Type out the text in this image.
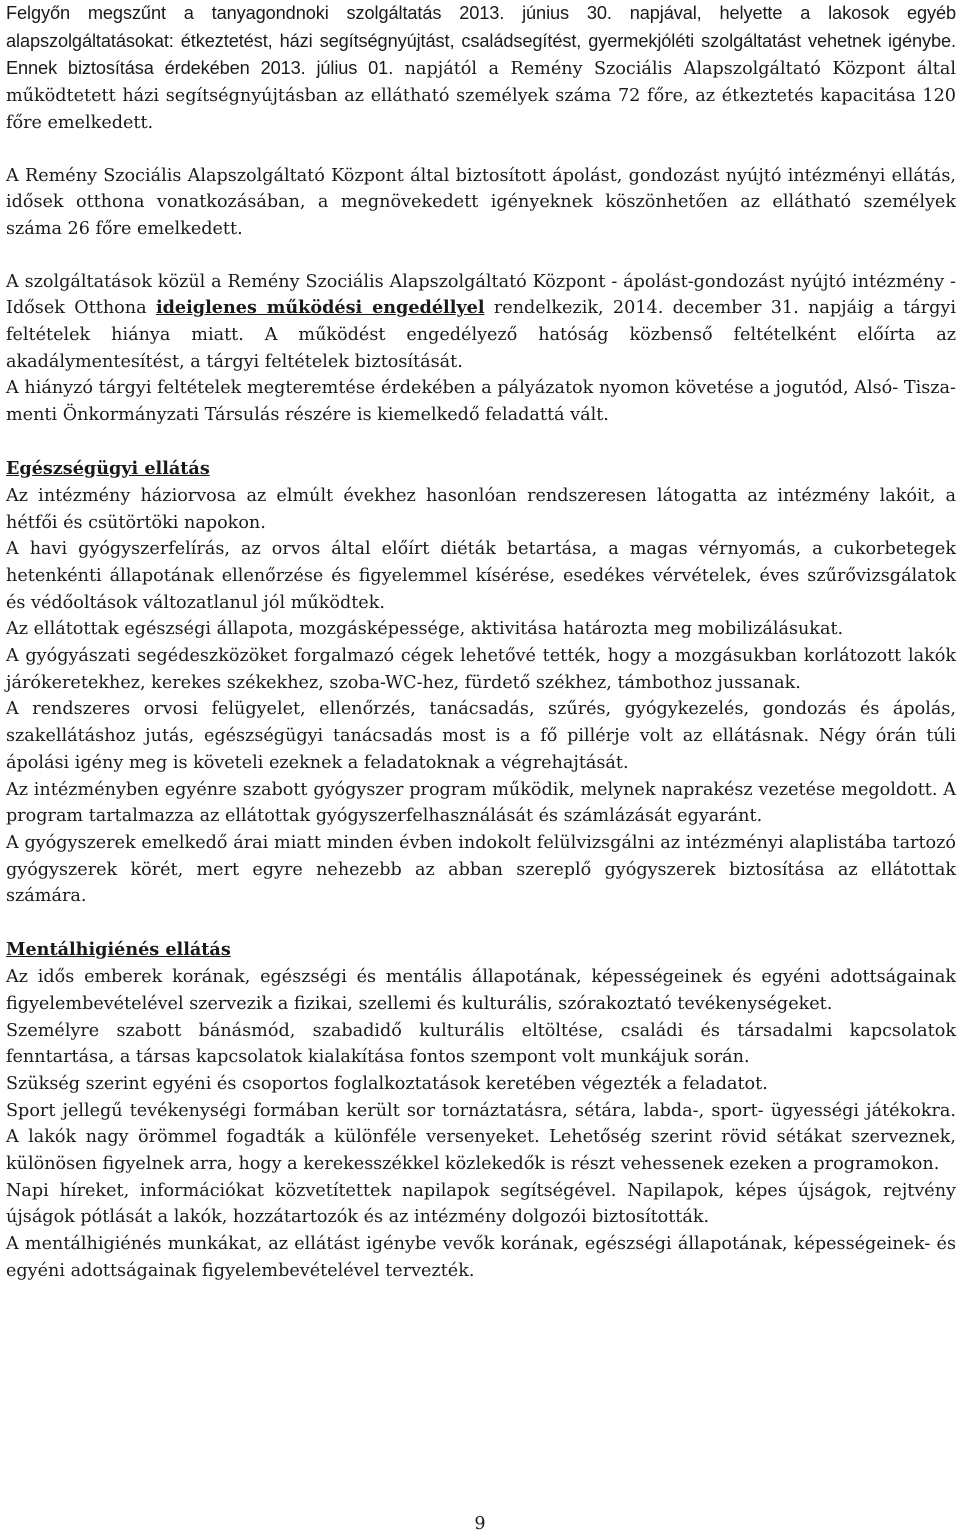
Felgyőn megszűnt a tanyagondnoki szolgáltatás 2013. június 30. napjával, helyette a lakosok egyéb alapszolgáltatásokat: étkeztetést, házi segítségnyújtást, családsegítést, gyermekjóléti szolgáltatást vehetnek igénybe. Ennek biztosítása érdekében 2013. július 01. napjától a Remény Szociális Alapszolgáltató Központ által működtetett házi segítségnyújtásban az ellátható személyek száma 72 főre, az étkeztetés kapacitása 120 főre emelkedett.

A Remény Szociális Alapszolgáltató Központ által biztosított ápolást, gondozást nyújtó intézményi ellátás, idősek otthona vonatkozásában, a megnövekedett igényeknek köszönhetően az ellátható személyek száma 26 főre emelkedett.

A szolgáltatások közül a Remény Szociális Alapszolgáltató Központ - ápolást-gondozást nyújtó intézmény - Idősek Otthona ideiglenes működési engedéllyel rendelkezik, 2014. december 31. napjáig a tárgyi feltételek hiánya miatt. A működést engedélyező hatóság közbenső feltételként előírta az akadálymentesítést, a tárgyi feltételek biztosítását.

A hiányzó tárgyi feltételek megteremtése érdekében a pályázatok nyomon követése a jogutód, Alsó- Tisza-menti Önkormányzati Társulás részére is kiemelkedő feladattá vált.

Egészségügyi ellátás

Az intézmény háziorvosa az elmúlt évekhez hasonlóan rendszeresen látogatta az intézmény lakóit, a hétfői és csütörtöki napokon.

A havi gyógyszerfelírás, az orvos által előírt diéták betartása, a magas vérnyomás, a cukorbetegek hetenkénti állapotának ellenőrzése és figyelemmel kísérése, esedékes vérvételek, éves szűrővizsgálatok és védőoltások változatlanul jól működtek.

Az ellátottak egészségi állapota, mozgásképessége, aktivitása határozta meg mobilizálásukat.

A gyógyászati segédeszközöket forgalmazó cégek lehetővé tették, hogy a mozgásukban korlátozott lakók járókeretekhez, kerekes székekhez, szoba-WC-hez, fürdető székhez, támbothoz jussanak.

A rendszeres orvosi felügyelet, ellenőrzés, tanácsadás, szűrés, gyógykezelés, gondozás és ápolás, szakellátáshoz jutás, egészségügyi tanácsadás most is a fő pillérje volt az ellátásnak. Négy órán túli ápolási igény meg is követeli ezeknek a feladatoknak a végrehajtását.

Az intézményben egyénre szabott gyógyszer program működik, melynek naprakész vezetése megoldott. A program tartalmazza az ellátottak gyógyszerfelhasználását és számlázását egyaránt.

A gyógyszerek emelkedő árai miatt minden évben indokolt felülvizsgálni az intézményi alaplistába tartozó gyógyszerek körét, mert egyre nehezebb az abban szereplő gyógyszerek biztosítása az ellátottak számára.

Mentálhigiénés ellátás

Az idős emberek korának, egészségi és mentális állapotának, képességeinek és egyéni adottságainak figyelembevételével szervezik a fizikai, szellemi és kulturális, szórakoztató tevékenységeket.

Személyre szabott bánásmód, szabadidő kulturális eltöltése, családi és társadalmi kapcsolatok fenntartása, a társas kapcsolatok kialakítása fontos szempont volt munkájuk során.

Szükség szerint egyéni és csoportos foglalkoztatások keretében végezték a feladatot.

Sport jellegű tevékenységi formában került sor tornáztatásra, sétára, labda-, sport- ügyességi játékokra. A lakók nagy örömmel fogadták a különféle versenyeket. Lehetőség szerint rövid sétákat szerveznek, különösen figyelnek arra, hogy a kerekesszékkel közlekedők is részt vehessenek ezeken a programokon.

Napi híreket, információkat közvetítettek napilapok segítségével. Napilapok, képes újságok, rejtvény újságok pótlását a lakók, hozzátartozók és az intézmény dolgozói biztosították.

A mentálhigiénés munkákat, az ellátást igénybe vevők korának, egészségi állapotának, képességeinek- és egyéni adottságainak figyelembevételével tervezték.

9
